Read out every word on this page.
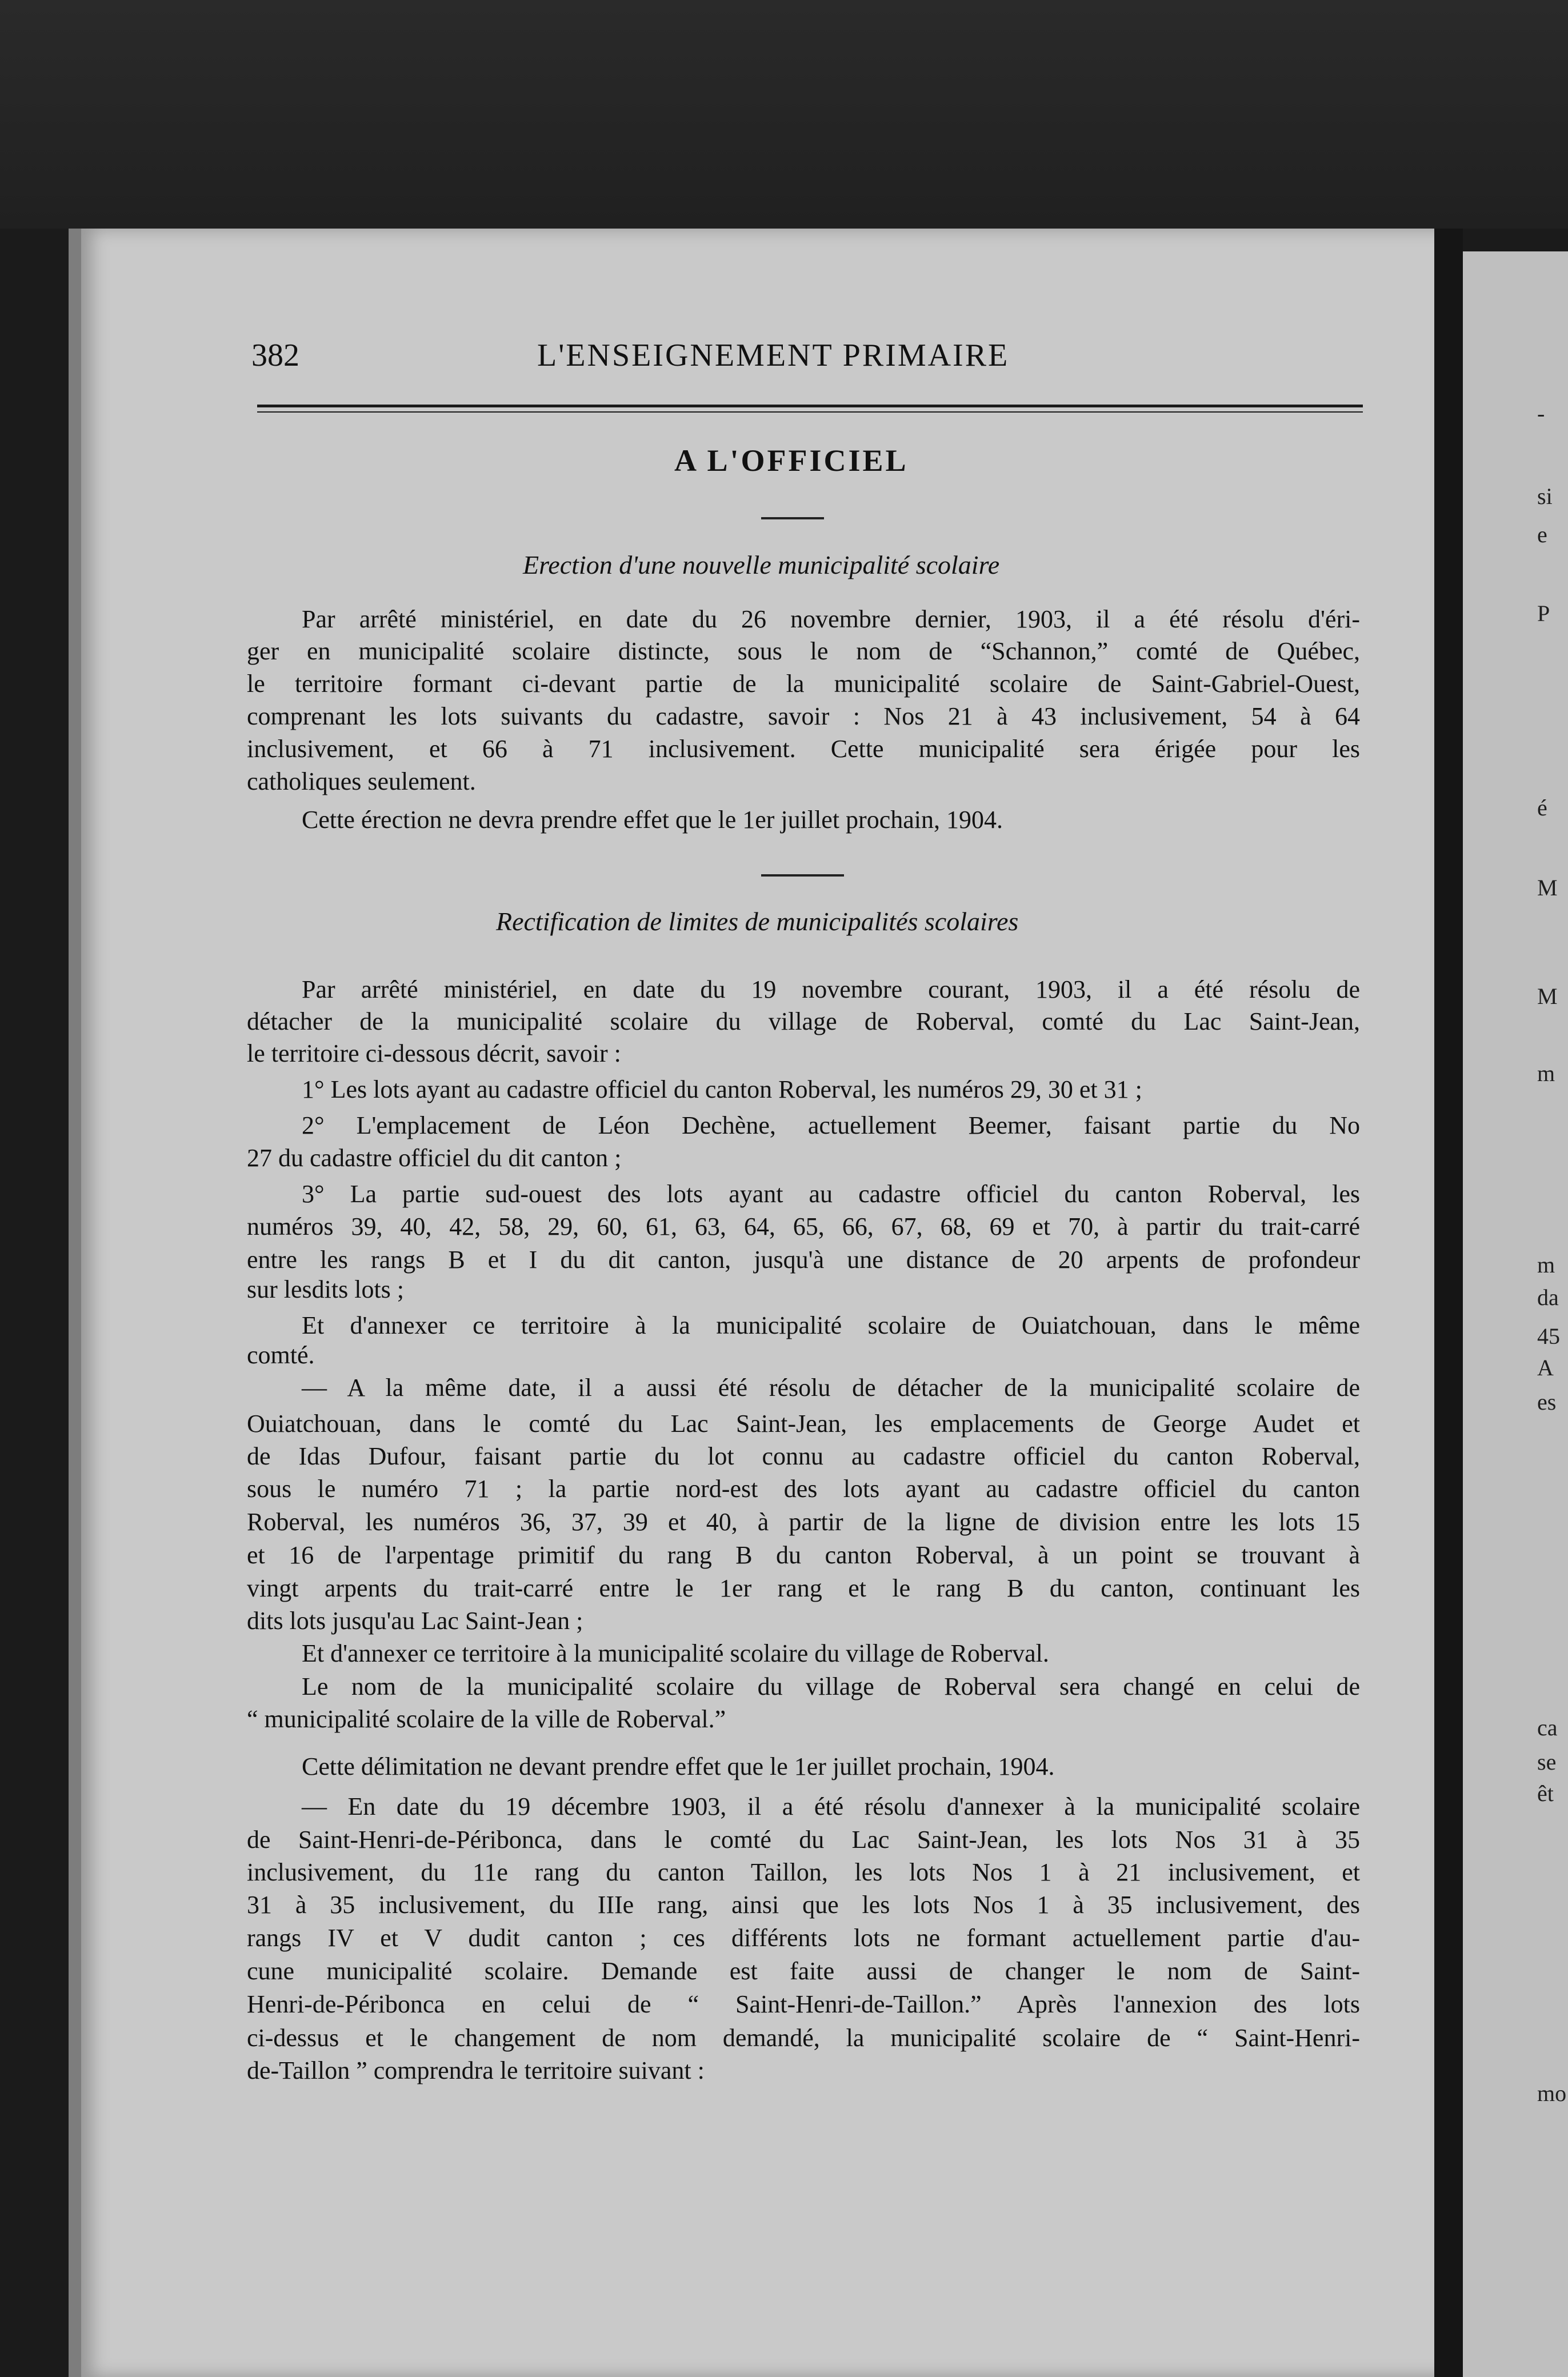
-
si
e
P
é
M
M
m
m
da
45
A
es
ca
se
êt
mo
382	L'ENSEIGNEMENT PRIMAIRE
A L'OFFICIEL
Erection d'une nouvelle municipalité scolaire
Par arrêté ministériel, en date du 26 novembre dernier, 1903, il a été résolu d'éri-
ger en municipalité scolaire distincte, sous le nom de “Schannon,” comté de Québec,
le territoire formant ci-devant partie de la municipalité scolaire de Saint-Gabriel-Ouest,
comprenant les lots suivants du cadastre, savoir : Nos 21 à 43 inclusivement, 54 à 64
inclusivement, et 66 à 71 inclusivement. Cette municipalité sera érigée pour les
catholiques seulement.
Cette érection ne devra prendre effet que le 1er juillet prochain, 1904.
Rectification de limites de municipalités scolaires
Par arrêté ministériel, en date du 19 novembre courant, 1903, il a été résolu de
détacher de la municipalité scolaire du village de Roberval, comté du Lac Saint-Jean,
le territoire ci-dessous décrit, savoir :
1° Les lots ayant au cadastre officiel du canton Roberval, les numéros 29, 30 et 31 ;
2° L'emplacement de Léon Dechène, actuellement Beemer, faisant partie du No
27 du cadastre officiel du dit canton ;
3° La partie sud-ouest des lots ayant au cadastre officiel du canton Roberval, les
numéros 39, 40, 42, 58, 29, 60, 61, 63, 64, 65, 66, 67, 68, 69 et 70, à partir du trait-carré
entre les rangs B et I du dit canton, jusqu'à une distance de 20 arpents de profondeur
sur lesdits lots ;
Et d'annexer ce territoire à la municipalité scolaire de Ouiatchouan, dans le même
comté.
— A la même date, il a aussi été résolu de détacher de la municipalité scolaire de
Ouiatchouan, dans le comté du Lac Saint-Jean, les emplacements de George Audet et
de Idas Dufour, faisant partie du lot connu au cadastre officiel du canton Roberval,
sous le numéro 71 ; la partie nord-est des lots ayant au cadastre officiel du canton
Roberval, les numéros 36, 37, 39 et 40, à partir de la ligne de division entre les lots 15
et 16 de l'arpentage primitif du rang B du canton Roberval, à un point se trouvant à
vingt arpents du trait-carré entre le 1er rang et le rang B du canton, continuant les
dits lots jusqu'au Lac Saint-Jean ;
Et d'annexer ce territoire à la municipalité scolaire du village de Roberval.
Le nom de la municipalité scolaire du village de Roberval sera changé en celui de
“ municipalité scolaire de la ville de Roberval.”
Cette délimitation ne devant prendre effet que le 1er juillet prochain, 1904.
— En date du 19 décembre 1903, il a été résolu d'annexer à la municipalité scolaire
de Saint-Henri-de-Péribonca, dans le comté du Lac Saint-Jean, les lots Nos 31 à 35
inclusivement, du 11e rang du canton Taillon, les lots Nos 1 à 21 inclusivement, et
31 à 35 inclusivement, du IIIe rang, ainsi que les lots Nos 1 à 35 inclusivement, des
rangs IV et V dudit canton ; ces différents lots ne formant actuellement partie d'au-
cune municipalité scolaire. Demande est faite aussi de changer le nom de Saint-
Henri-de-Péribonca en celui de “ Saint-Henri-de-Taillon.” Après l'annexion des lots
ci-dessus et le changement de nom demandé, la municipalité scolaire de “ Saint-Henri-
de-Taillon ” comprendra le territoire suivant :
